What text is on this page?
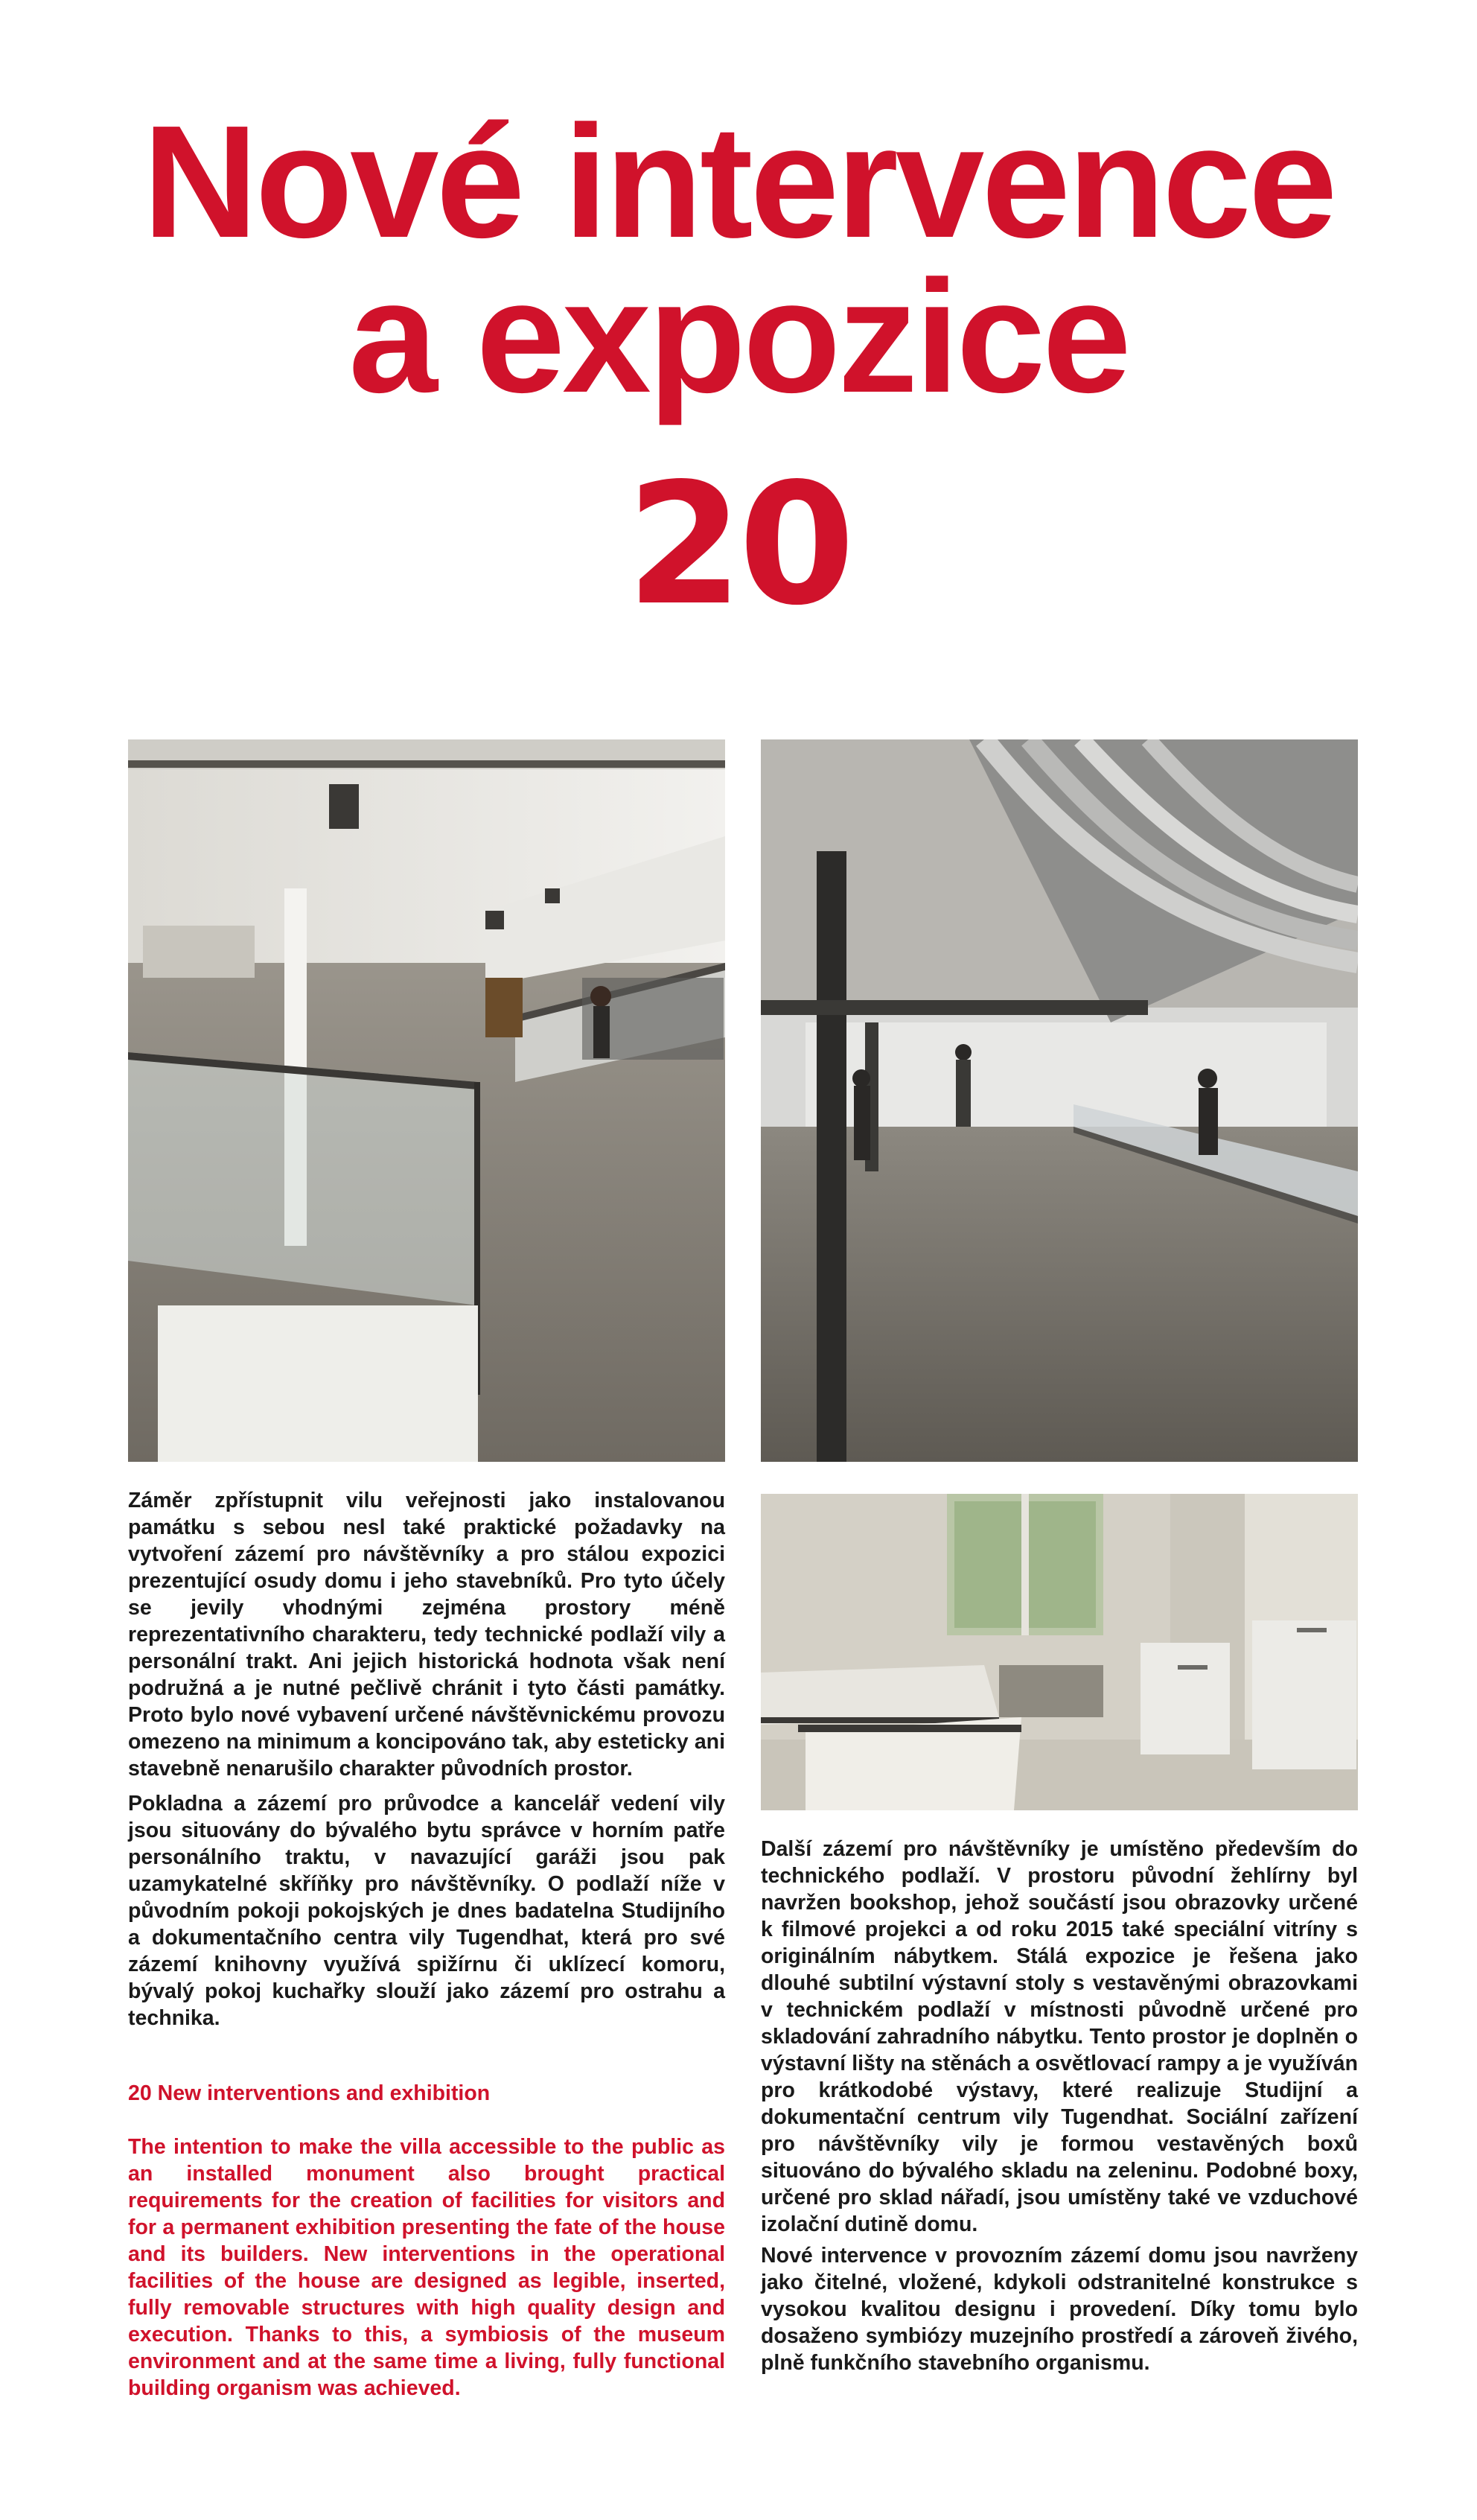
Nové intervence
a expozice
20

Záměr zpřístupnit vilu veřejnosti jako instalovanou památku s sebou nesl také praktické požadavky na vytvoření zázemí pro návštěvníky a pro stálou expozici prezentující osudy domu i jeho stavebníků. Pro tyto účely se jevily vhodnými zejména prostory méně reprezentativního charakteru, tedy technické podlaží vily a personální trakt. Ani jejich historická hodnota však není podružná a je nutné pečlivě chránit i tyto části památky. Proto bylo nové vybavení určené návštěvnickému provozu omezeno na minimum a koncipováno tak, aby esteticky ani stavebně nenarušilo charakter původních prostor.

Pokladna a zázemí pro průvodce a kancelář vedení vily jsou situovány do bývalého bytu správce v horním patře personálního traktu, v navazující garáži jsou pak uzamykatelné skříňky pro návštěvníky. O podlaží níže v původním pokoji pokojských je dnes badatelna Studijního a dokumentačního centra vily Tugendhat, která pro své zázemí knihovny využívá spižírnu či uklízecí komoru, bývalý pokoj kuchařky slouží jako zázemí pro ostrahu a technika.

20 New interventions and exhibition

The intention to make the villa accessible to the public as an installed monument also brought practical requirements for the creation of facilities for visitors and for a permanent exhibition presenting the fate of the house and its builders. New interventions in the operational facilities of the house are designed as legible, inserted, fully removable structures with high quality design and execution. Thanks to this, a symbiosis of the museum environment and at the same time a living, fully functional building organism was achieved.

Další zázemí pro návštěvníky je umístěno především do technického podlaží. V prostoru původní žehlírny byl navržen bookshop, jehož součástí jsou obrazovky určené k filmové projekci a od roku 2015 také speciální vitríny s originálním nábytkem. Stálá expozice je řešena jako dlouhé subtilní výstavní stoly s vestavěnými obrazovkami v technickém podlaží v místnosti původně určené pro skladování zahradního nábytku. Tento prostor je doplněn o výstavní lišty na stěnách a osvětlovací rampy a je využíván pro krátkodobé výstavy, které realizuje Studijní a dokumentační centrum vily Tugendhat. Sociální zařízení pro návštěvníky vily je formou vestavěných boxů situováno do bývalého skladu na zeleninu. Podobné boxy, určené pro sklad nářadí, jsou umístěny také ve vzduchové izolační dutině domu.

Nové intervence v provozním zázemí domu jsou navrženy jako čitelné, vložené, kdykoli odstranitelné konstrukce s vysokou kvalitou designu i provedení. Díky tomu bylo dosaženo symbiózy muzejního prostředí a zároveň živého, plně funkčního stavebního organismu.
